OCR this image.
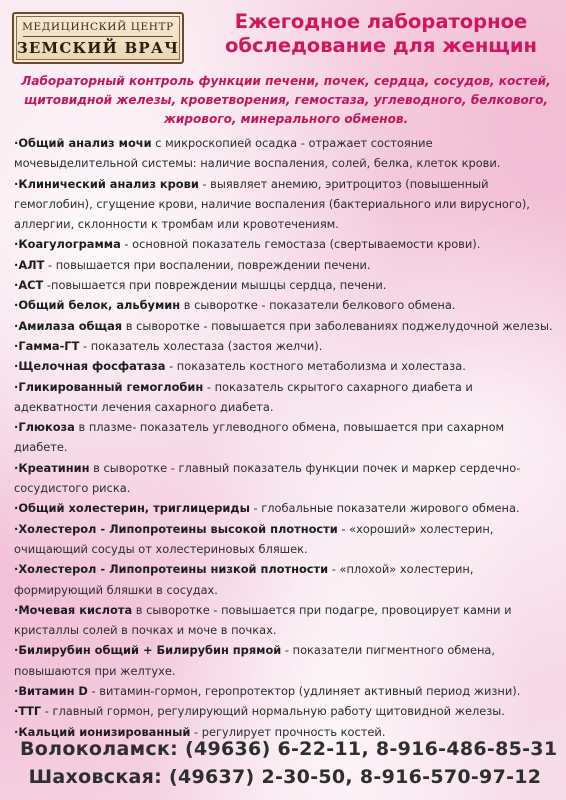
МЕДИЦИНСКИЙ ЦЕНТР
ЗЕМСКИЙ ВРАЧ
Ежегодное лабораторное
обследование для женщин
Лабораторный контроль функции печени, почек, сердца, сосудов, костей, щитовидной железы, кроветворения, гемостаза, углеводного, белкового, жирового, минерального обменов.
·Общий анализ мочи с микроскопией осадка - отражает состояние мочевыделительной системы: наличие воспаления, солей, белка, клеток крови.
·Клинический анализ крови - выявляет анемию, эритроцитоз (повышенный гемоглобин), сгущение крови, наличие воспаления (бактериального или вирусного), аллергии, склонности к тромбам или кровотечениям.
·Коагулограмма - основной показатель гемостаза (свертываемости крови).
·АЛТ - повышается при воспалении, повреждении печени.
·АСТ -повышается при повреждении мышцы сердца, печени.
·Общий белок, альбумин в сыворотке - показатели белкового обмена.
·Амилаза общая в сыворотке - повышается при заболеваниях поджелудочной железы.
·Гамма-ГТ - показатель холестаза (застоя желчи).
·Щелочная фосфатаза - показатель костного метаболизма и холестаза.
·Гликированный гемоглобин - показатель скрытого сахарного диабета и адекватности лечения сахарного диабета.
·Глюкоза в плазме- показатель углеводного обмена, повышается при сахарном диабете.
·Креатинин в сыворотке - главный показатель функции почек и маркер сердечно-сосудистого риска.
·Общий холестерин, триглицериды - глобальные показатели жирового обмена.
·Холестерол - Липопротеины высокой плотности - «хороший» холестерин, очищающий сосуды от холестериновых бляшек.
·Холестерол - Липопротеины низкой плотности - «плохой» холестерин, формирующий бляшки в сосудах.
·Мочевая кислота в сыворотке - повышается при подагре, провоцирует камни и кристаллы солей в почках и моче в почках.
·Билирубин общий + Билирубин прямой - показатели пигментного обмена, повышаются при желтухе.
·Витамин D - витамин-гормон, геропротектор (удлиняет активный период жизни).
·ТТГ - главный гормон, регулирующий нормальную работу щитовидной железы.
·Кальций ионизированный - регулирует прочность костей.
Волоколамск: (49636) 6-22-11, 8-916-486-85-31
Шаховская: (49637) 2-30-50, 8-916-570-97-12
